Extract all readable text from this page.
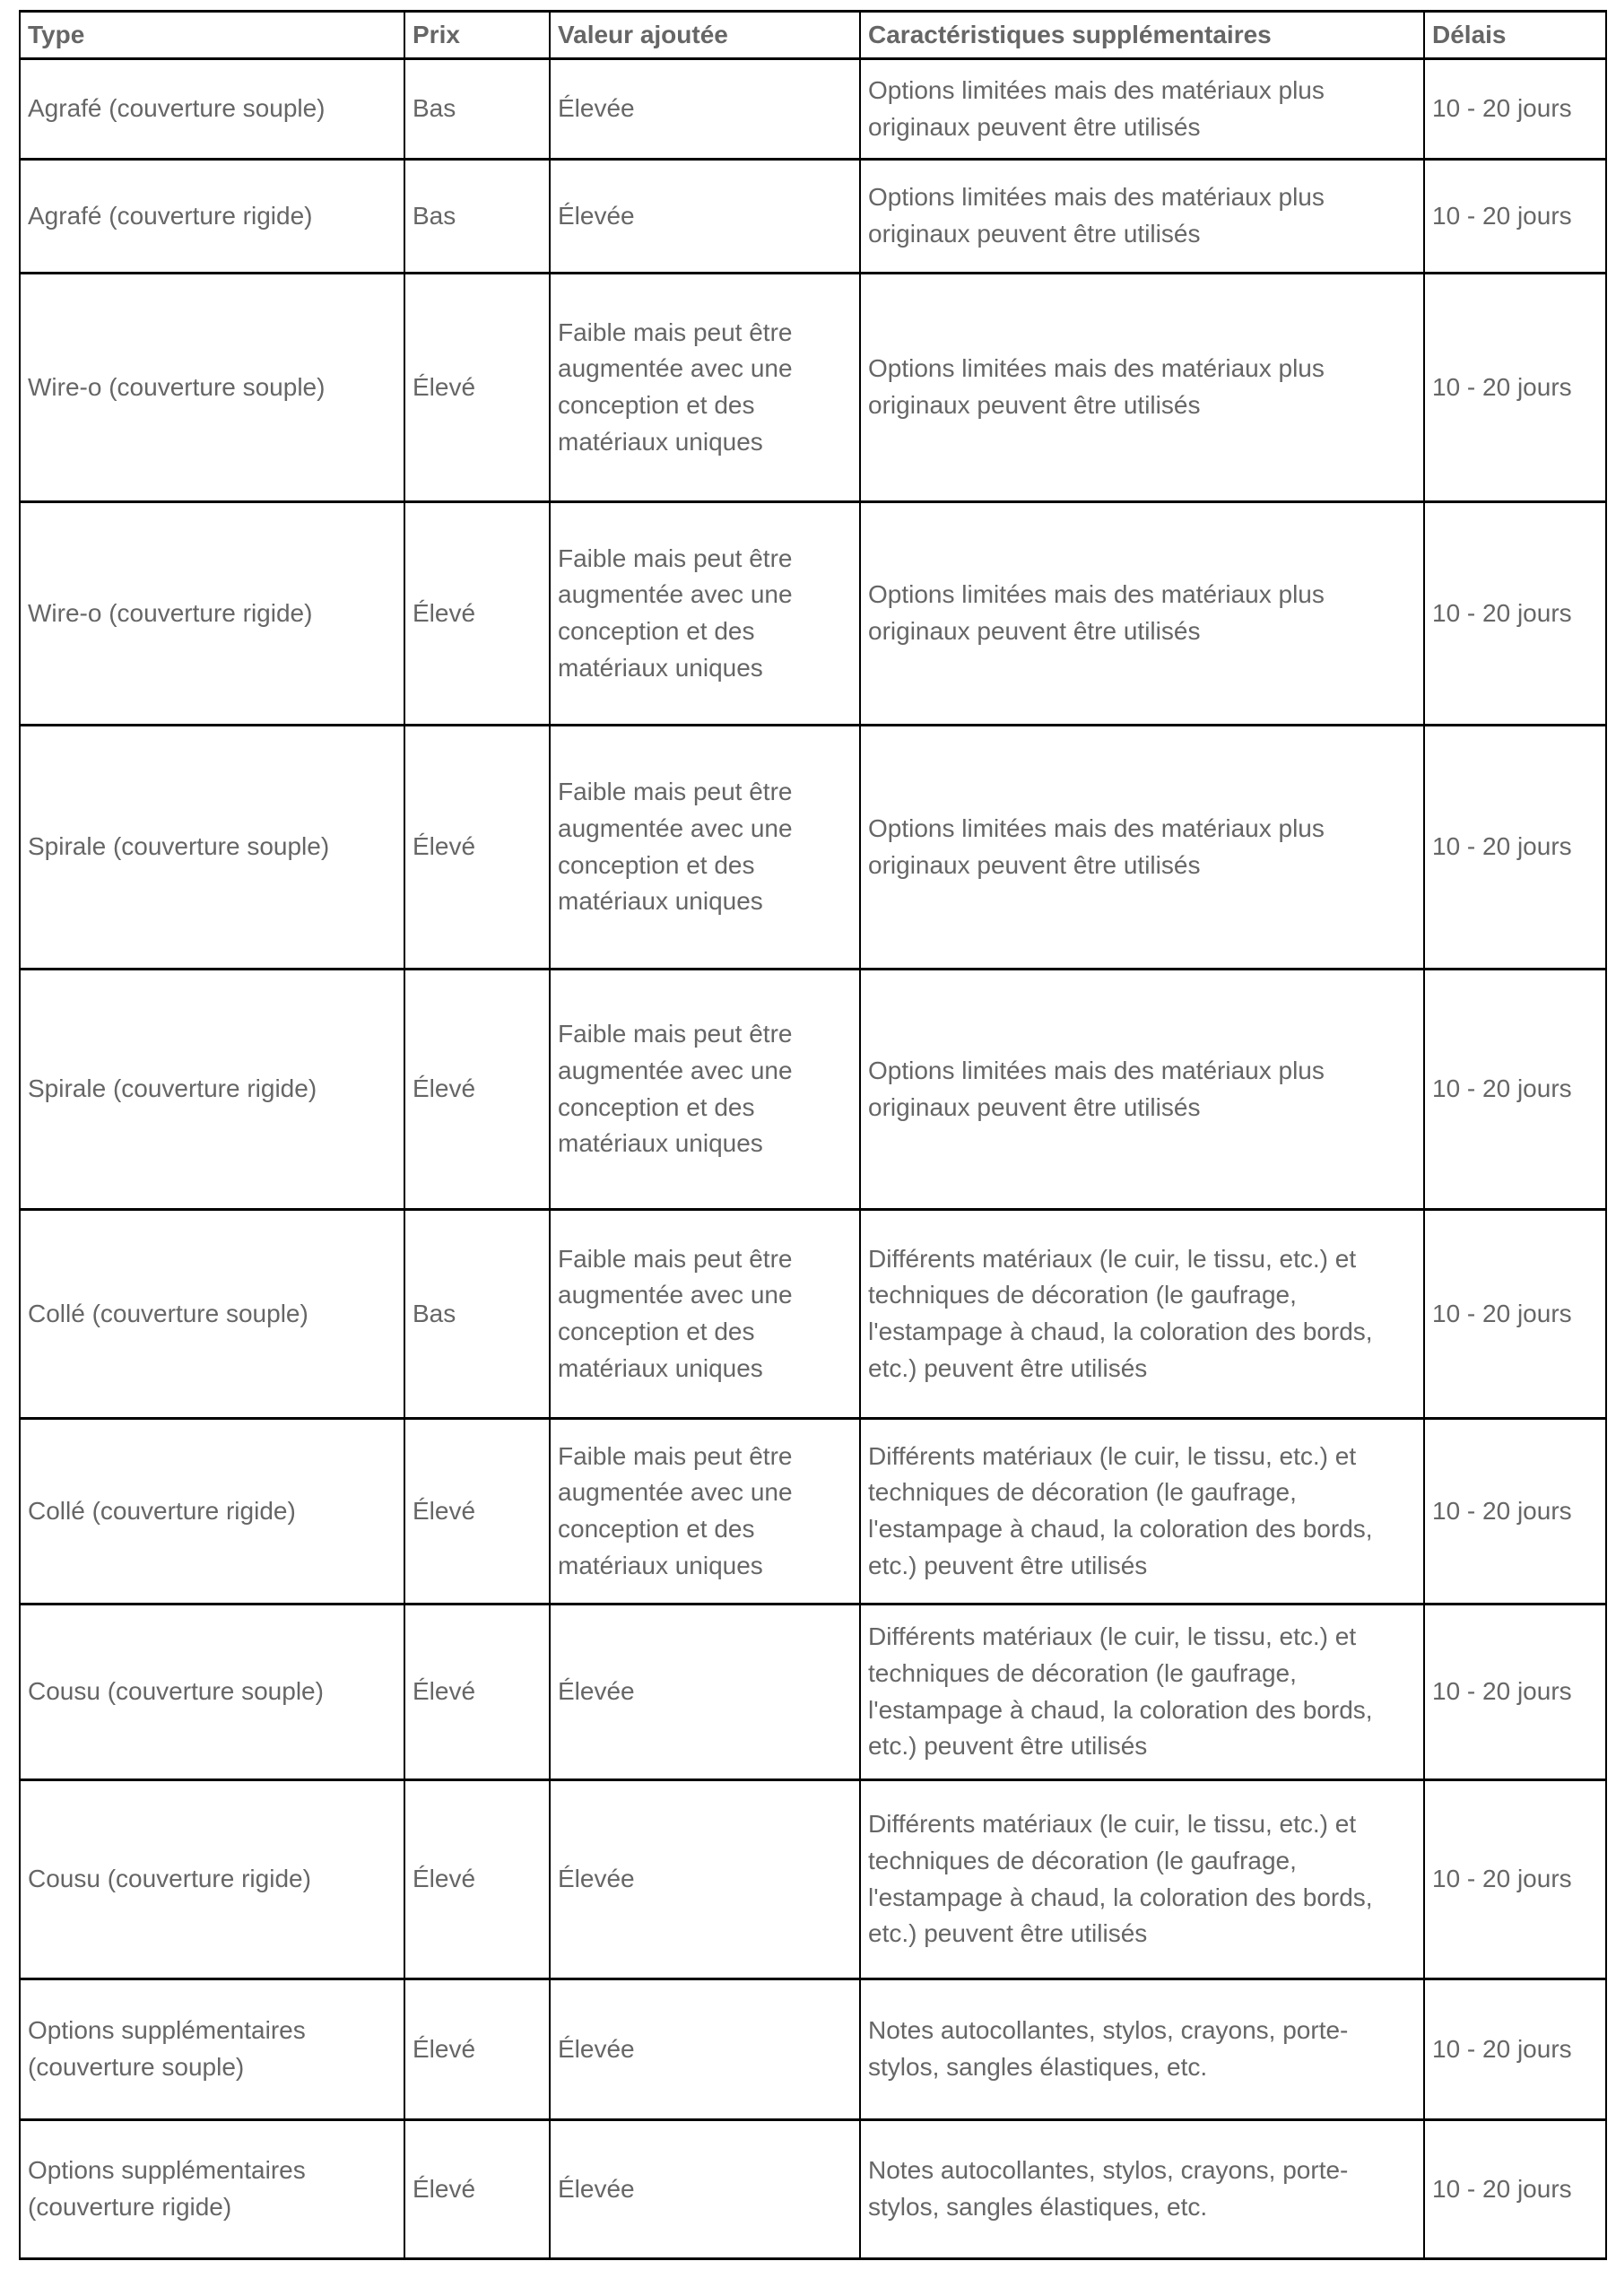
Type	Prix	Valeur ajoutée	Caractéristiques supplémentaires	Délais
Agrafé (couverture souple)	Bas	Élevée	Options limitées mais des matériaux plus originaux peuvent être utilisés	10 - 20 jours
Agrafé (couverture rigide)	Bas	Élevée	Options limitées mais des matériaux plus originaux peuvent être utilisés	10 - 20 jours
Wire-o (couverture souple)	Élevé	Faible mais peut être augmentée avec une conception et des matériaux uniques	Options limitées mais des matériaux plus originaux peuvent être utilisés	10 - 20 jours
Wire-o (couverture rigide)	Élevé	Faible mais peut être augmentée avec une conception et des matériaux uniques	Options limitées mais des matériaux plus originaux peuvent être utilisés	10 - 20 jours
Spirale (couverture souple)	Élevé	Faible mais peut être augmentée avec une conception et des matériaux uniques	Options limitées mais des matériaux plus originaux peuvent être utilisés	10 - 20 jours
Spirale (couverture rigide)	Élevé	Faible mais peut être augmentée avec une conception et des matériaux uniques	Options limitées mais des matériaux plus originaux peuvent être utilisés	10 - 20 jours
Collé (couverture souple)	Bas	Faible mais peut être augmentée avec une conception et des matériaux uniques	Différents matériaux (le cuir, le tissu, etc.) et techniques de décoration (le gaufrage, l'estampage à chaud, la coloration des bords, etc.) peuvent être utilisés	10 - 20 jours
Collé (couverture rigide)	Élevé	Faible mais peut être augmentée avec une conception et des matériaux uniques	Différents matériaux (le cuir, le tissu, etc.) et techniques de décoration (le gaufrage, l'estampage à chaud, la coloration des bords, etc.) peuvent être utilisés	10 - 20 jours
Cousu (couverture souple)	Élevé	Élevée	Différents matériaux (le cuir, le tissu, etc.) et techniques de décoration (le gaufrage, l'estampage à chaud, la coloration des bords, etc.) peuvent être utilisés	10 - 20 jours
Cousu (couverture rigide)	Élevé	Élevée	Différents matériaux (le cuir, le tissu, etc.) et techniques de décoration (le gaufrage, l'estampage à chaud, la coloration des bords, etc.) peuvent être utilisés	10 - 20 jours
Options supplémentaires (couverture souple)	Élevé	Élevée	Notes autocollantes, stylos, crayons, porte-stylos, sangles élastiques, etc.	10 - 20 jours
Options supplémentaires (couverture rigide)	Élevé	Élevée	Notes autocollantes, stylos, crayons, porte-stylos, sangles élastiques, etc.	10 - 20 jours
